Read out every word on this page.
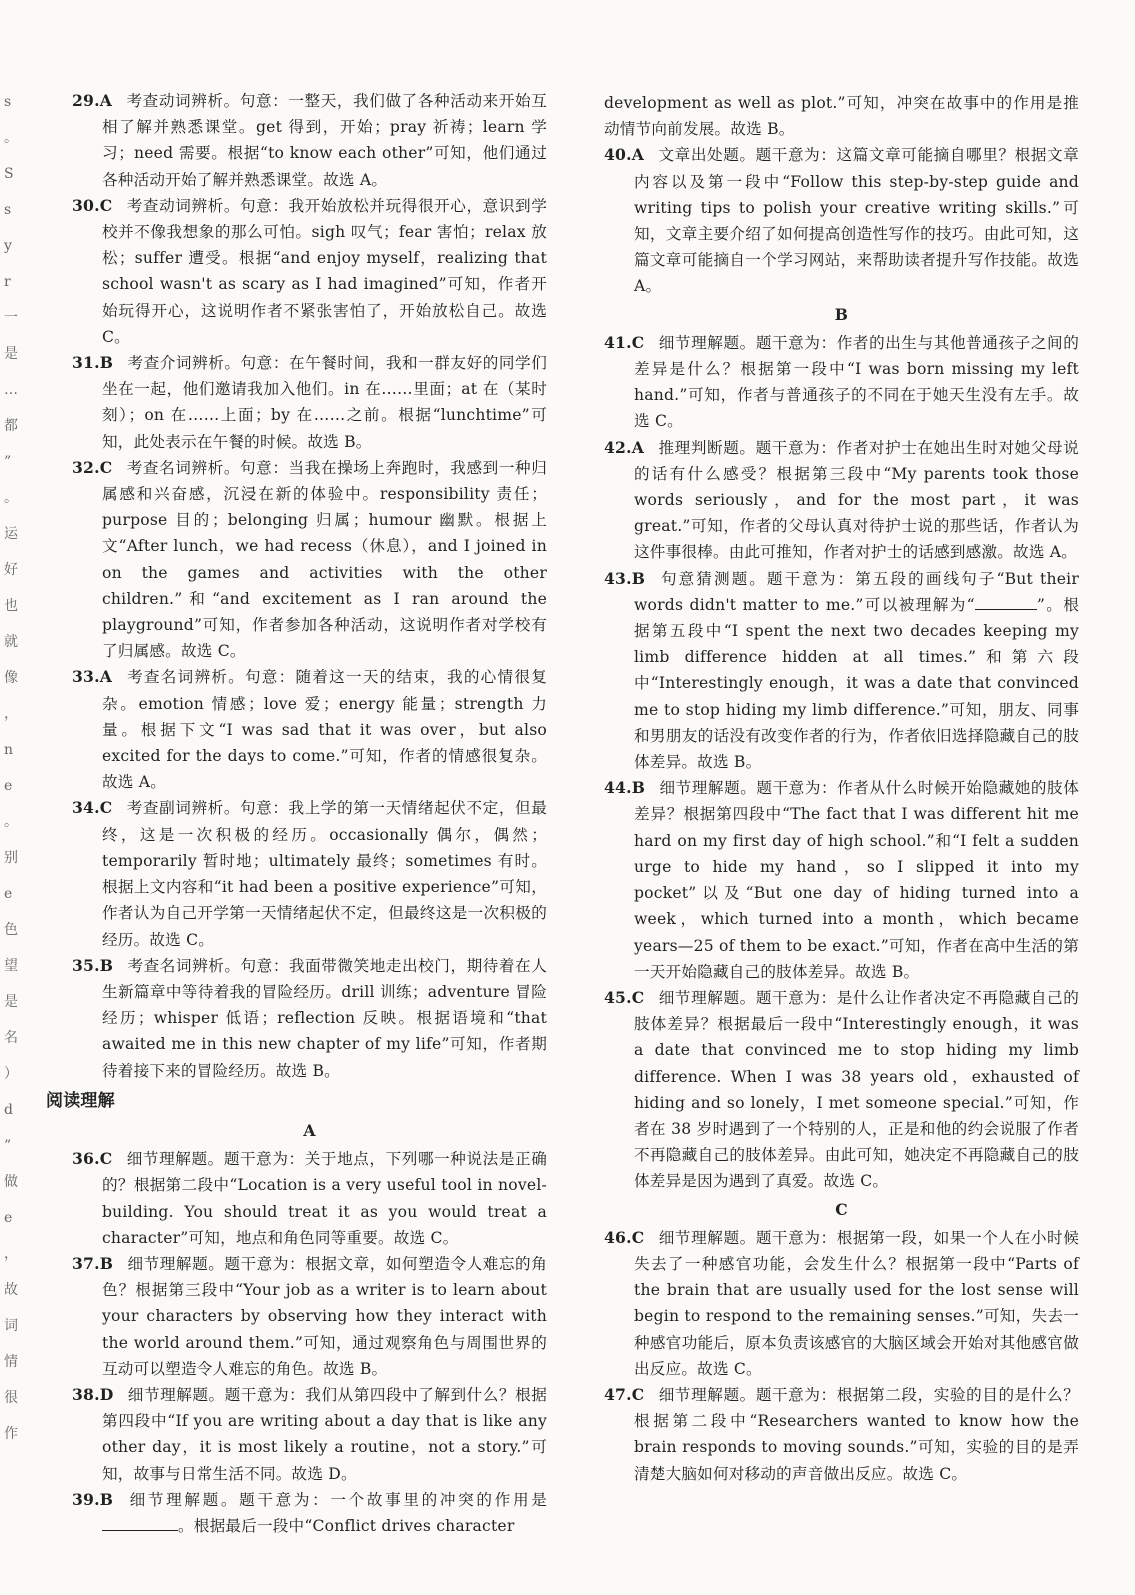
s
。
S
s
y
r
一
是
…
都
”
。
运
好
也
就
像
，
n
e
。
别
e
色
望
是
名
）
d
”
做
e
，
故
词
情
很
作

29.A 考查动词辨析。句意：一整天，我们做了各种活动来开始互相了解并熟悉课堂。get 得到，开始；pray 祈祷；learn 学习；need 需要。根据“to know each other”可知，他们通过各种活动开始了解并熟悉课堂。故选 A。

30.C 考查动词辨析。句意：我开始放松并玩得很开心，意识到学校并不像我想象的那么可怕。sigh 叹气；fear 害怕；relax 放松；suffer 遭受。根据“and enjoy myself，realizing that school wasn't as scary as I had imagined”可知，作者开始玩得开心，这说明作者不紧张害怕了，开始放松自己。故选 C。

31.B 考查介词辨析。句意：在午餐时间，我和一群友好的同学们坐在一起，他们邀请我加入他们。in 在……里面；at 在（某时刻）；on 在……上面；by 在……之前。根据“lunchtime”可知，此处表示在午餐的时候。故选 B。

32.C 考查名词辨析。句意：当我在操场上奔跑时，我感到一种归属感和兴奋感，沉浸在新的体验中。responsibility 责任；purpose 目的；belonging 归属；humour 幽默。根据上文“After lunch，we had recess（休息），and I joined in on the games and activities with the other children.”和“and excitement as I ran around the playground”可知，作者参加各种活动，这说明作者对学校有了归属感。故选 C。

33.A 考查名词辨析。句意：随着这一天的结束，我的心情很复杂。emotion 情感；love 爱；energy 能量；strength 力量。根据下文“I was sad that it was over，but also excited for the days to come.”可知，作者的情感很复杂。故选 A。

34.C 考查副词辨析。句意：我上学的第一天情绪起伏不定，但最终，这是一次积极的经历。occasionally 偶尔，偶然；temporarily 暂时地；ultimately 最终；sometimes 有时。根据上文内容和“it had been a positive experience”可知，作者认为自己开学第一天情绪起伏不定，但最终这是一次积极的经历。故选 C。

35.B 考查名词辨析。句意：我面带微笑地走出校门，期待着在人生新篇章中等待着我的冒险经历。drill 训练；adventure 冒险经历；whisper 低语；reflection 反映。根据语境和“that awaited me in this new chapter of my life”可知，作者期待着接下来的冒险经历。故选 B。

阅读理解
A

36.C 细节理解题。题干意为：关于地点，下列哪一种说法是正确的？根据第二段中“Location is a very useful tool in novel-building. You should treat it as you would treat a character”可知，地点和角色同等重要。故选 C。

37.B 细节理解题。题干意为：根据文章，如何塑造令人难忘的角色？根据第三段中“Your job as a writer is to learn about your characters by observing how they interact with the world around them.”可知，通过观察角色与周围世界的互动可以塑造令人难忘的角色。故选 B。

38.D 细节理解题。题干意为：我们从第四段中了解到什么？根据第四段中“If you are writing about a day that is like any other day，it is most likely a routine，not a story.”可知，故事与日常生活不同。故选 D。

39.B 细节理解题。题干意为：一个故事里的冲突的作用是。根据最后一段中“Conflict drives character

development as well as plot.”可知，冲突在故事中的作用是推动情节向前发展。故选 B。

40.A 文章出处题。题干意为：这篇文章可能摘自哪里？根据文章内容以及第一段中“Follow this step-by-step guide and writing tips to polish your creative writing skills.”可知，文章主要介绍了如何提高创造性写作的技巧。由此可知，这篇文章可能摘自一个学习网站，来帮助读者提升写作技能。故选 A。

B

41.C 细节理解题。题干意为：作者的出生与其他普通孩子之间的差异是什么？根据第一段中“I was born missing my left hand.”可知，作者与普通孩子的不同在于她天生没有左手。故选 C。

42.A 推理判断题。题干意为：作者对护士在她出生时对她父母说的话有什么感受？根据第三段中“My parents took those words seriously，and for the most part，it was great.”可知，作者的父母认真对待护士说的那些话，作者认为这件事很棒。由此可推知，作者对护士的话感到感激。故选 A。

43.B 句意猜测题。题干意为：第五段的画线句子“But their words didn't matter to me.”可以被理解为“	”。根据第五段中“I spent the next two decades keeping my limb difference hidden at all times.”和第六段中“Interestingly enough，it was a date that convinced me to stop hiding my limb difference.”可知，朋友、同事和男朋友的话没有改变作者的行为，作者依旧选择隐藏自己的肢体差异。故选 B。

44.B 细节理解题。题干意为：作者从什么时候开始隐藏她的肢体差异？根据第四段中“The fact that I was different hit me hard on my first day of high school.”和“I felt a sudden urge to hide my hand，so I slipped it into my pocket”以及“But one day of hiding turned into a week，which turned into a month，which became years—25 of them to be exact.”可知，作者在高中生活的第一天开始隐藏自己的肢体差异。故选 B。

45.C 细节理解题。题干意为：是什么让作者决定不再隐藏自己的肢体差异？根据最后一段中“Interestingly enough，it was a date that convinced me to stop hiding my limb difference. When I was 38 years old，exhausted of hiding and so lonely，I met someone special.”可知，作者在 38 岁时遇到了一个特别的人，正是和他的约会说服了作者不再隐藏自己的肢体差异。由此可知，她决定不再隐藏自己的肢体差异是因为遇到了真爱。故选 C。

C

46.C 细节理解题。题干意为：根据第一段，如果一个人在小时候失去了一种感官功能，会发生什么？根据第一段中“Parts of the brain that are usually used for the lost sense will begin to respond to the remaining senses.”可知，失去一种感官功能后，原本负责该感官的大脑区域会开始对其他感官做出反应。故选 C。

47.C 细节理解题。题干意为：根据第二段，实验的目的是什么？根据第二段中“Researchers wanted to know how the brain responds to moving sounds.”可知，实验的目的是弄清楚大脑如何对移动的声音做出反应。故选 C。
